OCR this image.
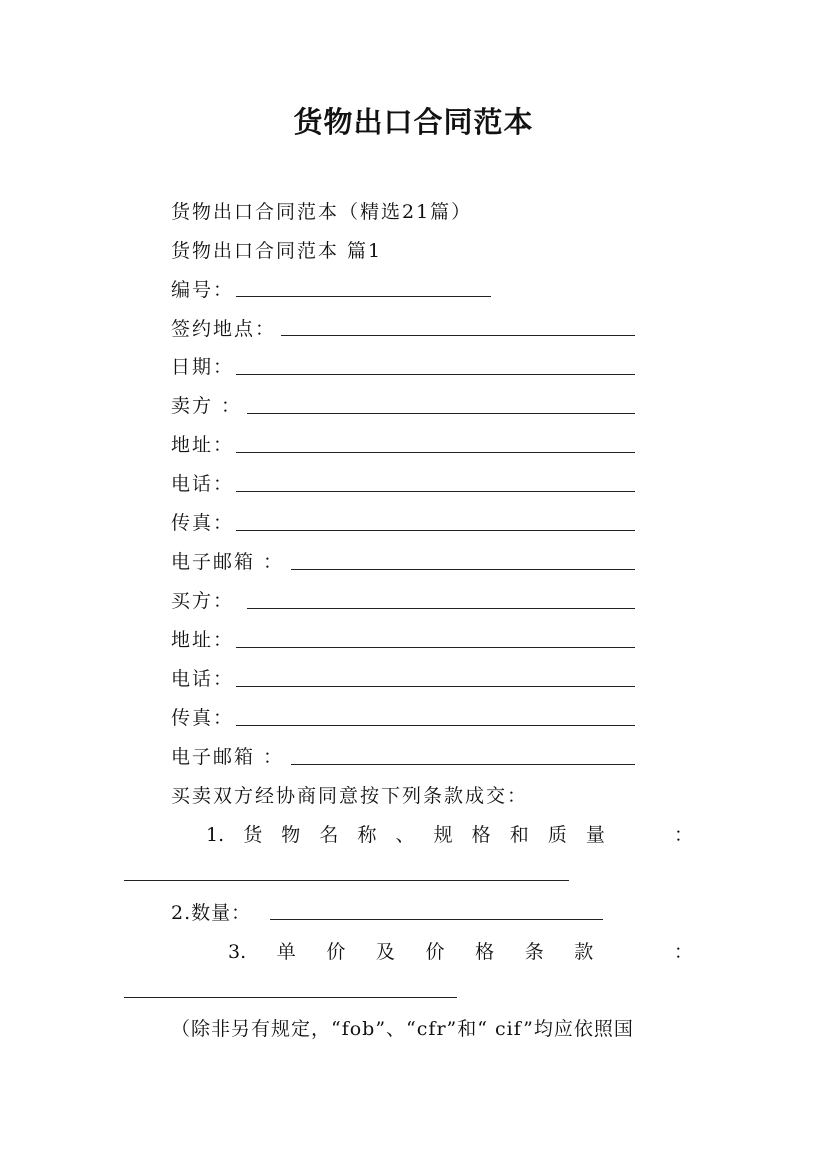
货物出口合同范本
货物出口合同范本（精选21篇）
货物出口合同范本 篇1
编号：
签约地点：
日期：
卖方 ：
地址：
电话：
传真：
电子邮箱 ：
买方：
地址：
电话：
传真：
电子邮箱 ：
买卖双方经协商同意按下列条款成交：
1. 货 物 名 称 、 规 格 和 质 量	：
2.数量：
3. 单 价 及 价 格 条 款	：
（除非另有规定，“fob”、“cfr”和“ cif”均应依照国
